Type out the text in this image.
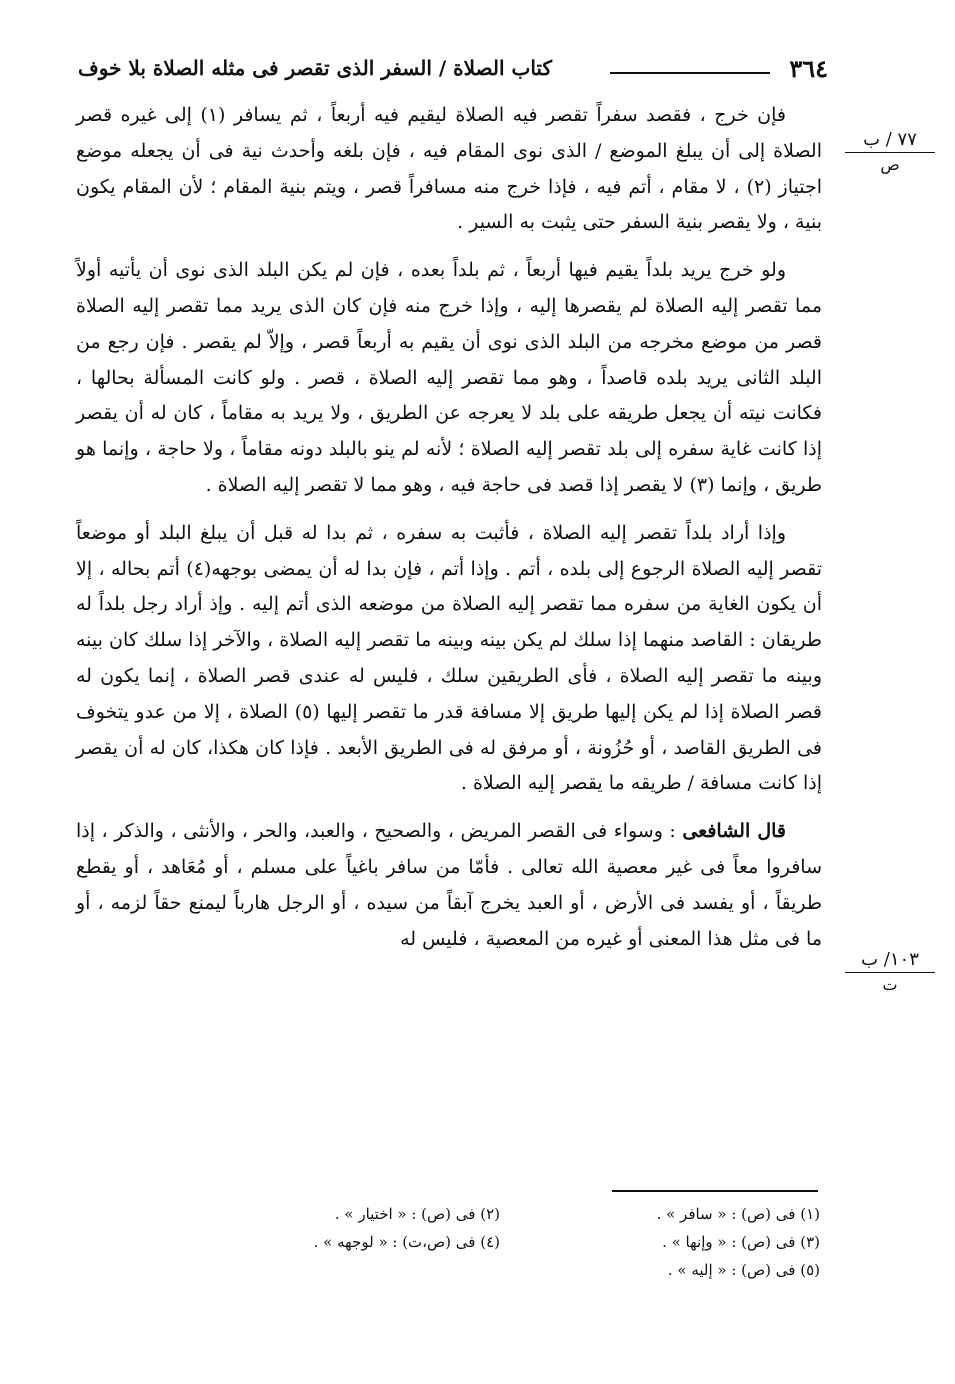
٣٦٤
كتاب الصلاة / السفر الذى تقصر فى مثله الصلاة بلا خوف
٧٧ / ب
ص
١٠٣/ ب
ت

فإن خرج ، فقصد سفراً تقصر فيه الصلاة ليقيم فيه أربعاً ، ثم يسافر (١) إلى غيره قصر الصلاة إلى أن يبلغ الموضع / الذى نوى المقام فيه ، فإن بلغه وأحدث نية فى أن يجعله موضع اجتياز (٢) ، لا مقام ، أتم فيه ، فإذا خرج منه مسافراً قصر ، ويتم بنية المقام ؛ لأن المقام يكون بنية ، ولا يقصر بنية السفر حتى يثبت به السير .

ولو خرج يريد بلداً يقيم فيها أربعاً ، ثم بلداً بعده ، فإن لم يكن البلد الذى نوى أن يأتيه أولاً مما تقصر إليه الصلاة لم يقصرها إليه ، وإذا خرج منه فإن كان الذى يريد مما تقصر إليه الصلاة قصر من موضع مخرجه من البلد الذى نوى أن يقيم به أربعاً قصر ، وإلاّ لم يقصر . فإن رجع من البلد الثانى يريد بلده قاصداً ، وهو مما تقصر إليه الصلاة ، قصر . ولو كانت المسألة بحالها ، فكانت نيته أن يجعل طريقه على بلد لا يعرجه عن الطريق ، ولا يريد به مقاماً ، كان له أن يقصر إذا كانت غاية سفره إلى بلد تقصر إليه الصلاة ؛ لأنه لم ينو بالبلد دونه مقاماً ، ولا حاجة ، وإنما هو طريق ، وإنما (٣) لا يقصر إذا قصد فى حاجة فيه ، وهو مما لا تقصر إليه الصلاة .

وإذا أراد بلداً تقصر إليه الصلاة ، فأثبت به سفره ، ثم بدا له قبل أن يبلغ البلد أو موضعاً تقصر إليه الصلاة الرجوع إلى بلده ، أتم . وإذا أتم ، فإن بدا له أن يمضى بوجهه(٤) أتم بحاله ، إلا أن يكون الغاية من سفره مما تقصر إليه الصلاة من موضعه الذى أتم إليه . وإذ أراد رجل بلداً له طريقان : القاصد منهما إذا سلك لم يكن بينه وبينه ما تقصر إليه الصلاة ، والآخر إذا سلك كان بينه وبينه ما تقصر إليه الصلاة ، فأى الطريقين سلك ، فليس له عندى قصر الصلاة ، إنما يكون له قصر الصلاة إذا لم يكن إليها طريق إلا مسافة قدر ما تقصر إليها (٥) الصلاة ، إلا من عدو يتخوف فى الطريق القاصد ، أو حُزُونة ، أو مرفق له فى الطريق الأبعد . فإذا كان هكذا، كان له أن يقصر إذا كانت مسافة / طريقه ما يقصر إليه الصلاة .

قال الشافعى : وسواء فى القصر المريض ، والصحيح ، والعبد، والحر ، والأنثى ، والذكر ، إذا سافروا معاً فى غير معصية الله تعالى . فأمّا من سافر باغياً على مسلم ، أو مُعَاهد ، أو يقطع طريقاً ، أو يفسد فى الأرض ، أو العبد يخرج آبقاً من سيده ، أو الرجل هارباً ليمنع حقاً لزمه ، أو ما فى مثل هذا المعنى أو غيره من المعصية ، فليس له

(١) فى (ص) : « سافر » .
(٢) فى (ص) : « اختيار » .
(٣) فى (ص) : « وإنها » .
(٤) فى (ص،ت) : « لوجهه » .
(٥) فى (ص) : « إليه » .
